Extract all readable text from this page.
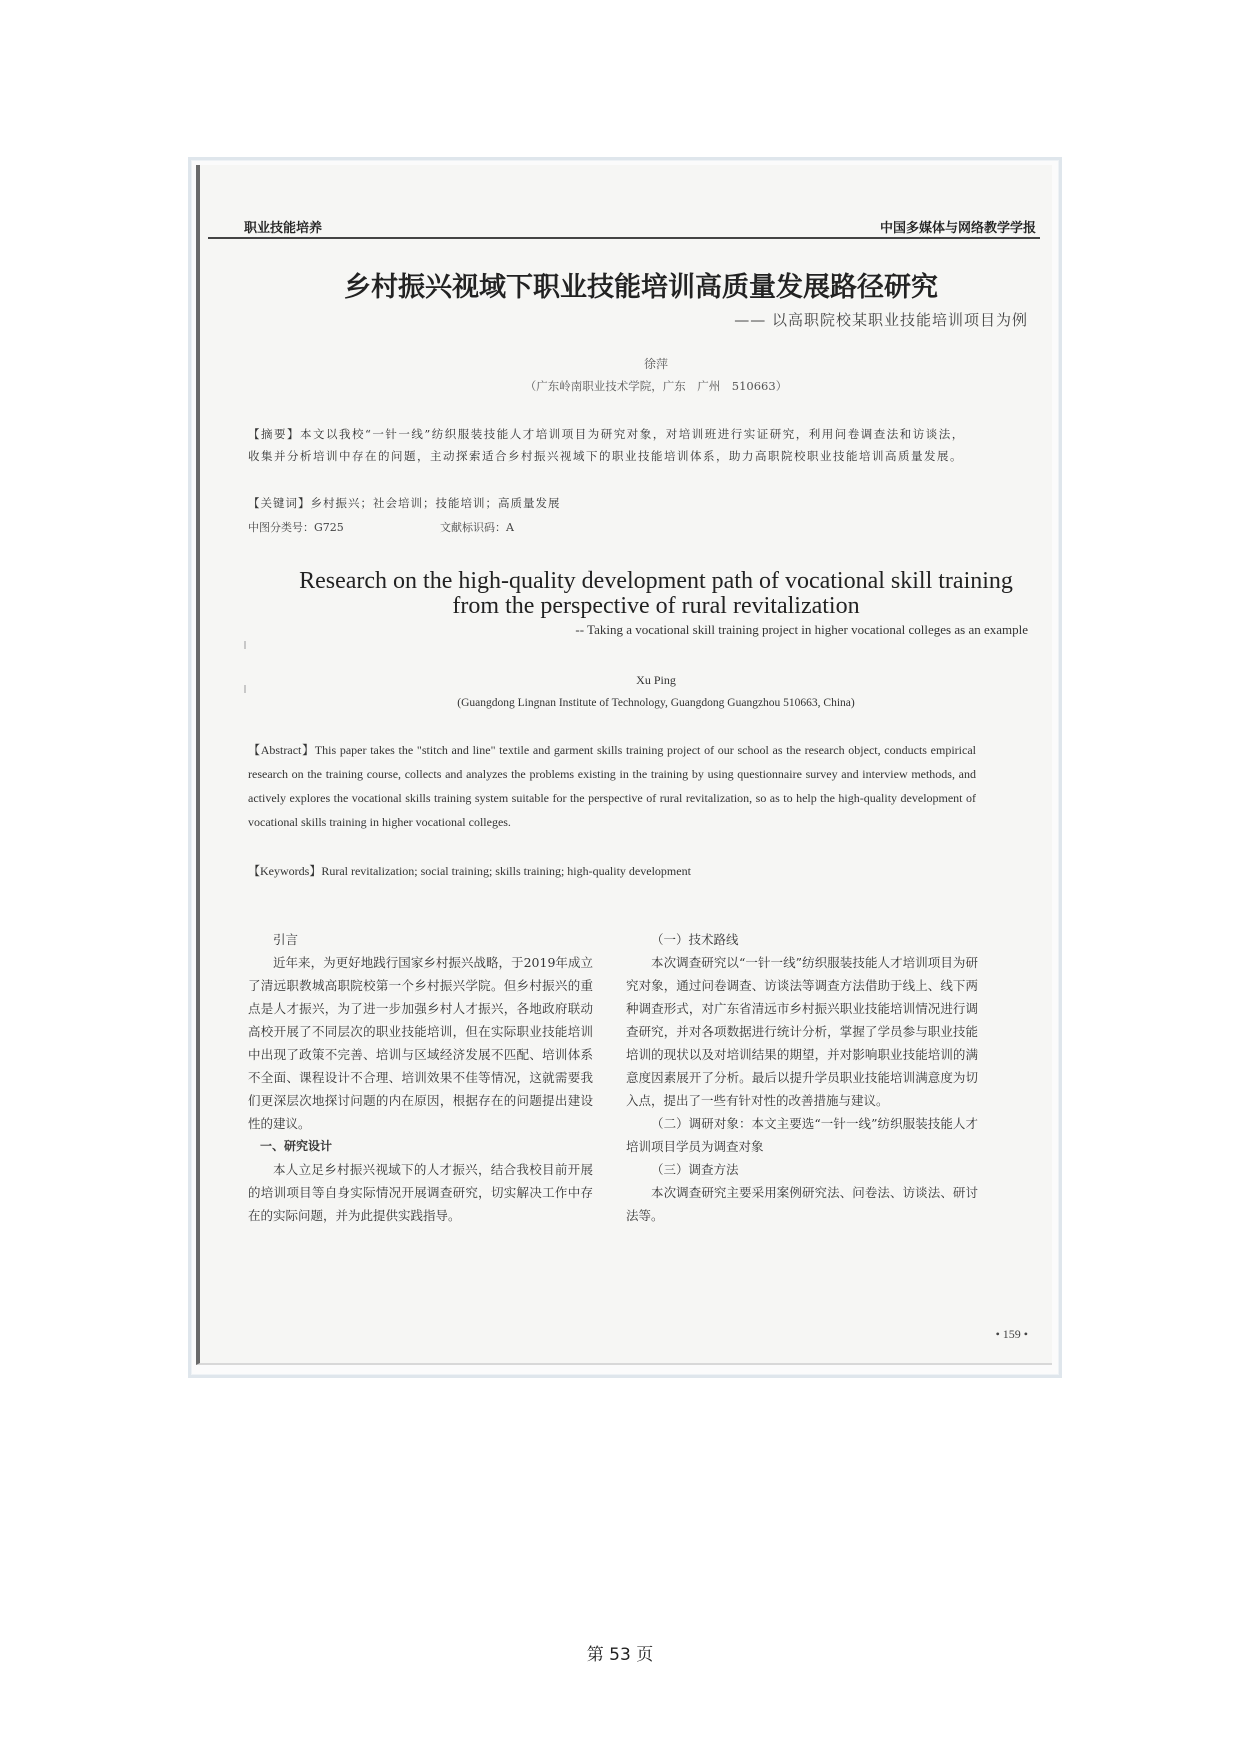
职业技能培养	中国多媒体与网络教学学报
乡村振兴视域下职业技能培训高质量发展路径研究
—— 以高职院校某职业技能培训项目为例
徐萍
（广东岭南职业技术学院，广东　广州　510663）
【摘要】本文以我校“一针一线”纺织服装技能人才培训项目为研究对象，对培训班进行实证研究，利用问卷调查法和访谈法，收集并分析培训中存在的问题，主动探索适合乡村振兴视域下的职业技能培训体系，助力高职院校职业技能培训高质量发展。
【关键词】乡村振兴；社会培训；技能培训；高质量发展
中图分类号：G725	文献标识码：A
Research on the high-quality development path of vocational skill training from the perspective of rural revitalization
-- Taking a vocational skill training project in higher vocational colleges as an example
Xu Ping
(Guangdong Lingnan Institute of Technology, Guangdong Guangzhou 510663, China)
【Abstract】This paper takes the "stitch and line" textile and garment skills training project of our school as the research object, conducts empirical research on the training course, collects and analyzes the problems existing in the training by using questionnaire survey and interview methods, and actively explores the vocational skills training system suitable for the perspective of rural revitalization, so as to help the high-quality development of vocational skills training in higher vocational colleges.
【Keywords】Rural revitalization; social training; skills training; high-quality development

引言

近年来，为更好地践行国家乡村振兴战略，于2019年成立了清远职教城高职院校第一个乡村振兴学院。但乡村振兴的重点是人才振兴，为了进一步加强乡村人才振兴，各地政府联动高校开展了不同层次的职业技能培训，但在实际职业技能培训中出现了政策不完善、培训与区域经济发展不匹配、培训体系不全面、课程设计不合理、培训效果不佳等情况，这就需要我们更深层次地探讨问题的内在原因，根据存在的问题提出建设性的建议。

一、研究设计

本人立足乡村振兴视域下的人才振兴，结合我校目前开展的培训项目等自身实际情况开展调查研究，切实解决工作中存在的实际问题，并为此提供实践指导。

（一）技术路线

本次调查研究以“一针一线”纺织服装技能人才培训项目为研究对象，通过问卷调查、访谈法等调查方法借助于线上、线下两种调查形式，对广东省清远市乡村振兴职业技能培训情况进行调查研究，并对各项数据进行统计分析，掌握了学员参与职业技能培训的现状以及对培训结果的期望，并对影响职业技能培训的满意度因素展开了分析。最后以提升学员职业技能培训满意度为切入点，提出了一些有针对性的改善措施与建议。

（二）调研对象：本文主要选“一针一线”纺织服装技能人才培训项目学员为调查对象

（三）调查方法

本次调查研究主要采用案例研究法、问卷法、访谈法、研讨法等。

• 159 •
第 53 页
